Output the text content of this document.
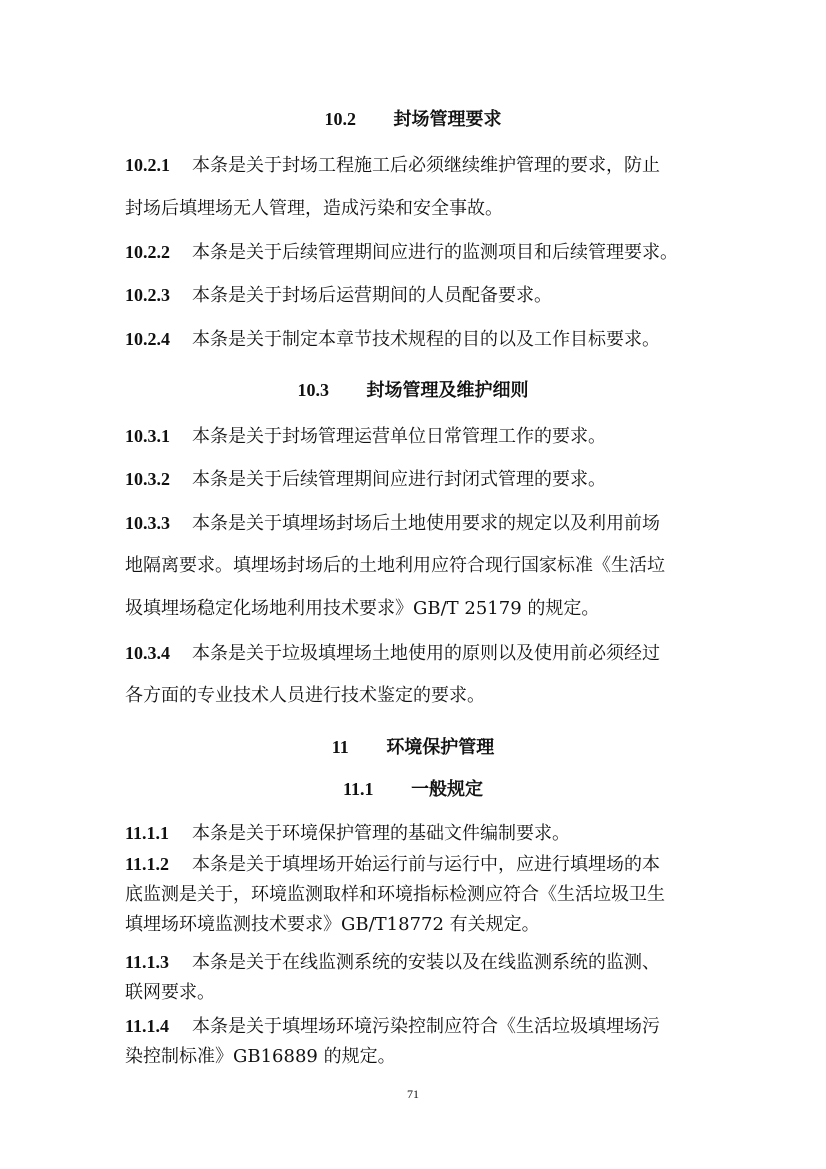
10.2 封场管理要求
10.2.1 本条是关于封场工程施工后必须继续维护管理的要求，防止
封场后填埋场无人管理，造成污染和安全事故。
10.2.2 本条是关于后续管理期间应进行的监测项目和后续管理要求。
10.2.3 本条是关于封场后运营期间的人员配备要求。
10.2.4 本条是关于制定本章节技术规程的目的以及工作目标要求。
10.3 封场管理及维护细则
10.3.1 本条是关于封场管理运营单位日常管理工作的要求。
10.3.2 本条是关于后续管理期间应进行封闭式管理的要求。
10.3.3 本条是关于填埋场封场后土地使用要求的规定以及利用前场
地隔离要求。填埋场封场后的土地利用应符合现行国家标准《生活垃
圾填埋场稳定化场地利用技术要求》GB/T 25179 的规定。
10.3.4 本条是关于垃圾填埋场土地使用的原则以及使用前必须经过
各方面的专业技术人员进行技术鉴定的要求。
11 环境保护管理
11.1 一般规定
11.1.1 本条是关于环境保护管理的基础文件编制要求。
11.1.2 本条是关于填埋场开始运行前与运行中，应进行填埋场的本
底监测是关于，环境监测取样和环境指标检测应符合《生活垃圾卫生
填埋场环境监测技术要求》GB/T18772 有关规定。
11.1.3 本条是关于在线监测系统的安装以及在线监测系统的监测、
联网要求。
11.1.4 本条是关于填埋场环境污染控制应符合《生活垃圾填埋场污
染控制标准》GB16889 的规定。
71
